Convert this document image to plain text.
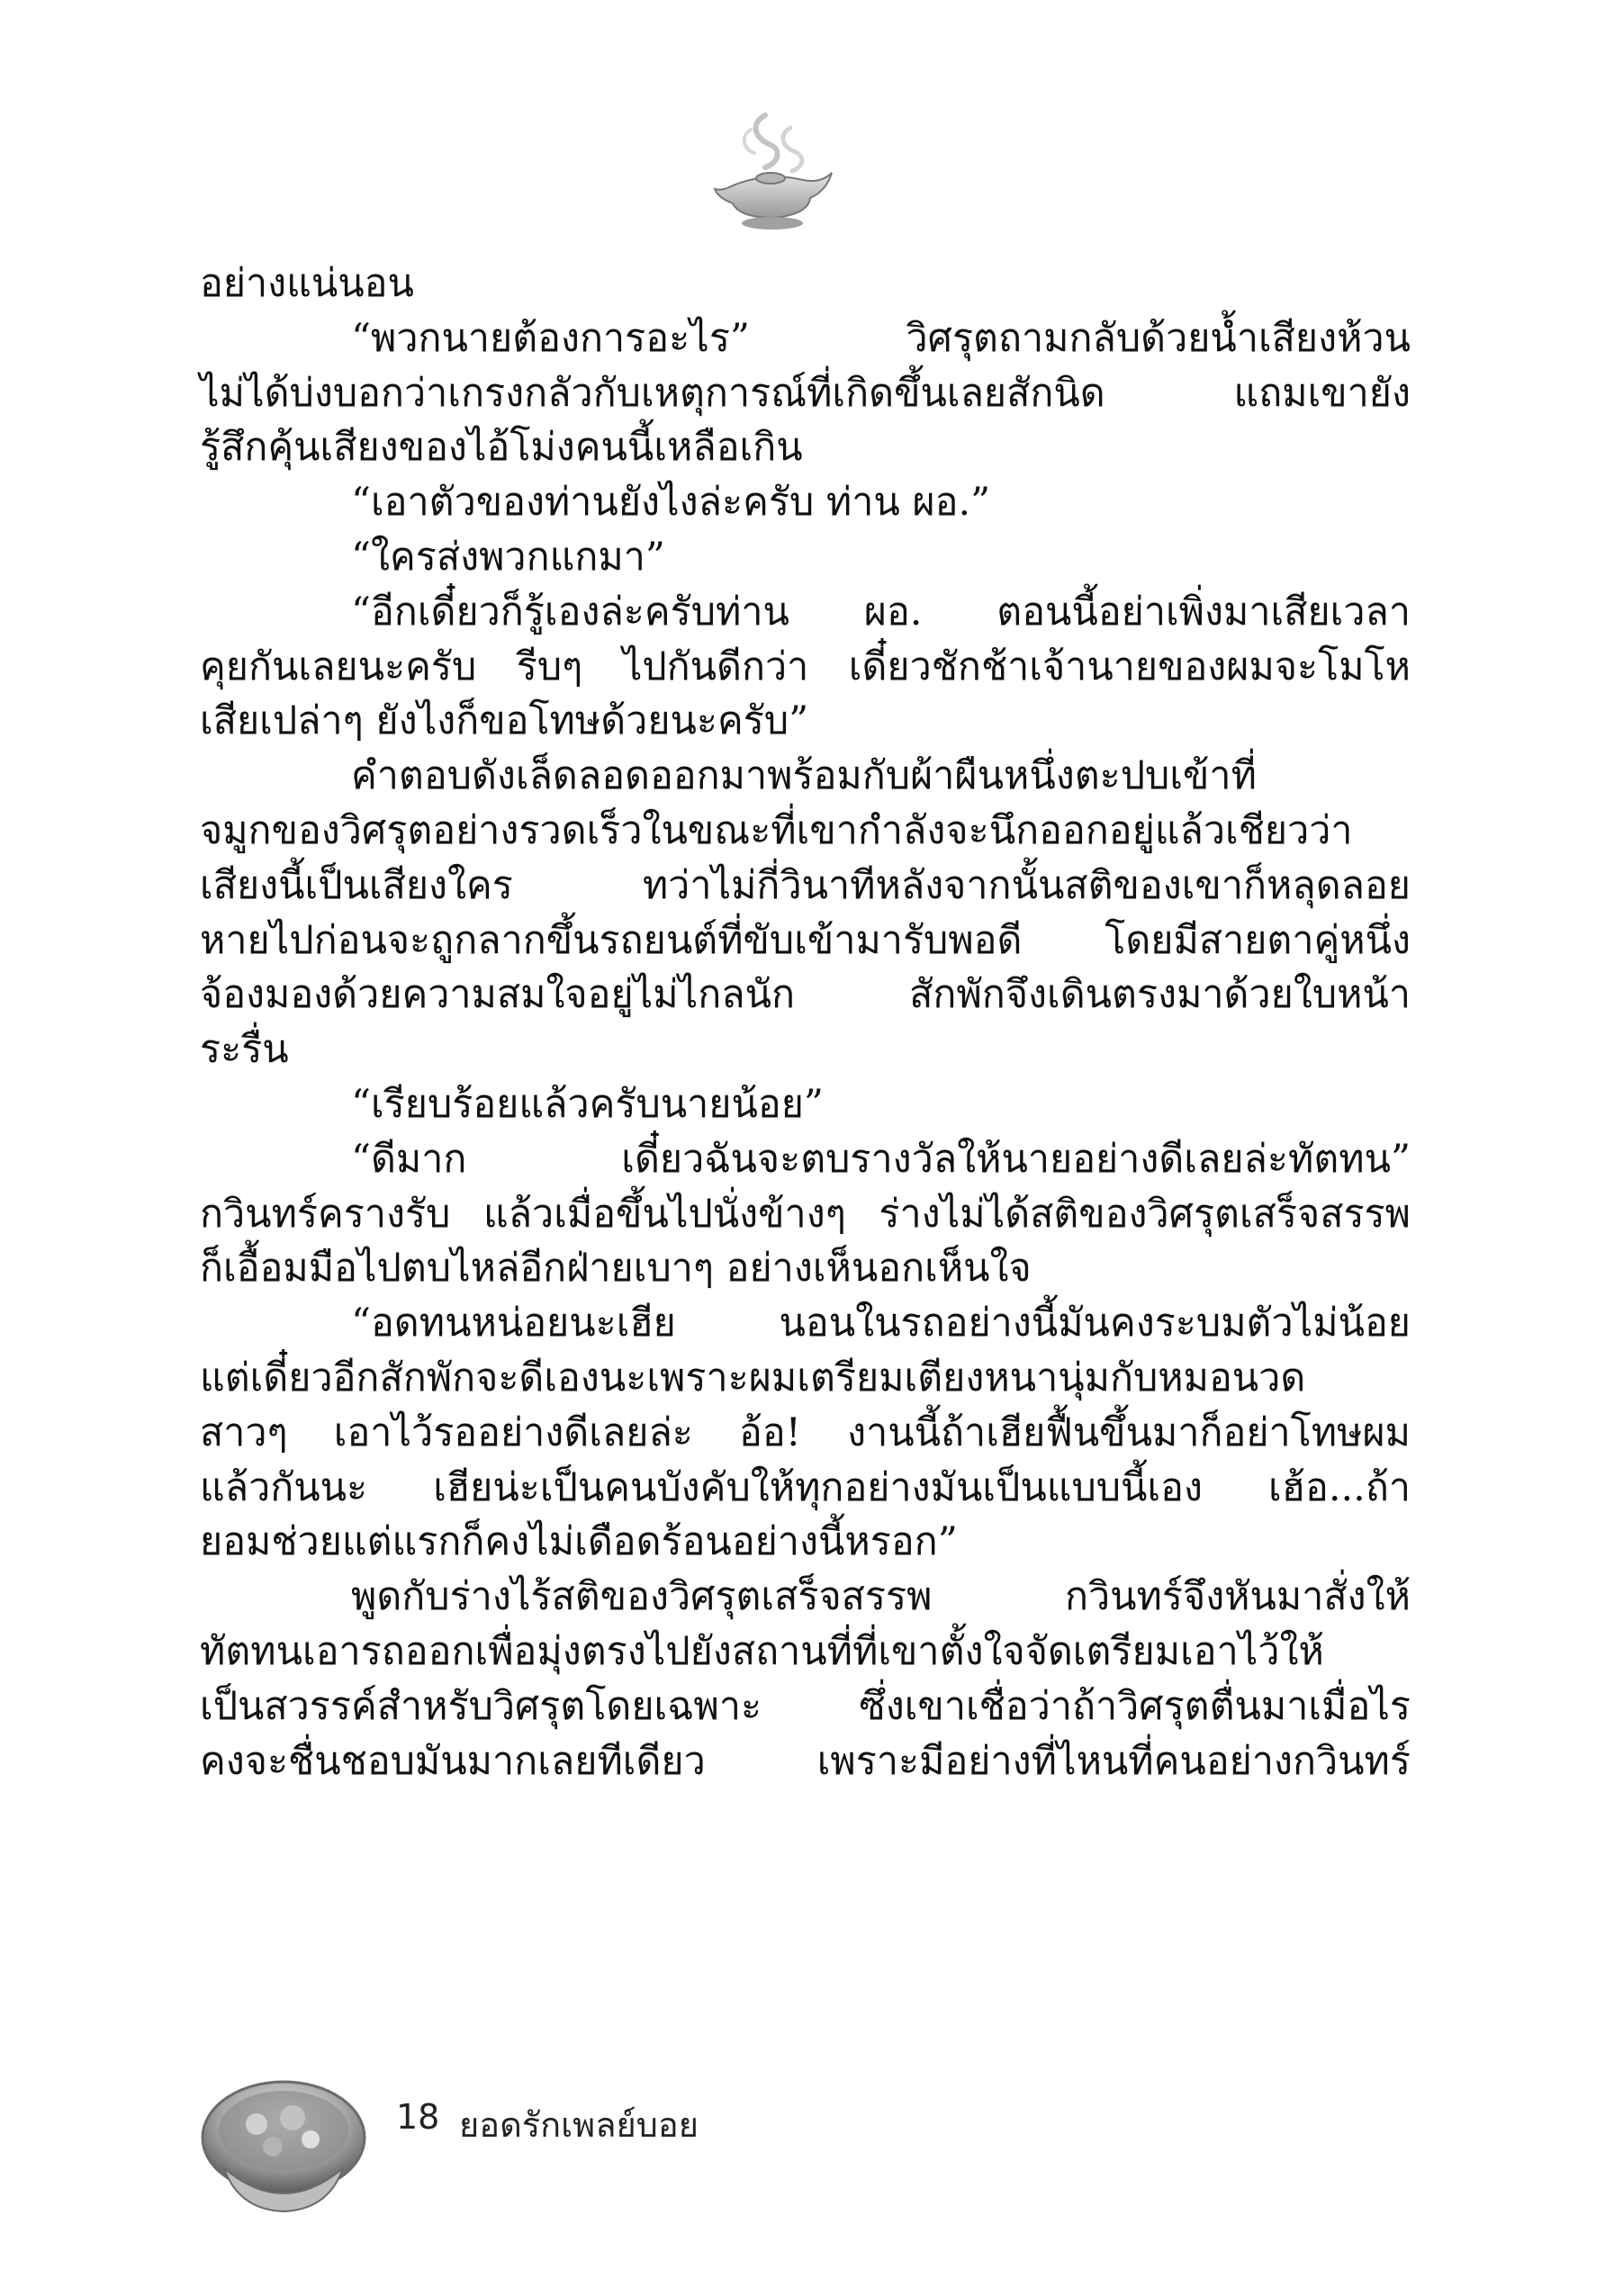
อย่างแน่นอน
“พวกนายต้องการอะไร” วิศรุตถามกลับด้วยน้ำเสียงห้วน
ไม่ได้บ่งบอกว่าเกรงกลัวกับเหตุการณ์ที่เกิดขึ้นเลยสักนิด แถมเขายัง
รู้สึกคุ้นเสียงของไอ้โม่งคนนี้เหลือเกิน
“เอาตัวของท่านยังไงล่ะครับ ท่าน ผอ.”
“ใครส่งพวกแกมา”
“อีกเดี๋ยวก็รู้เองล่ะครับท่าน ผอ. ตอนนี้อย่าเพิ่งมาเสียเวลา
คุยกันเลยนะครับ รีบๆ ไปกันดีกว่า เดี๋ยวชักช้าเจ้านายของผมจะโมโห
เสียเปล่าๆ ยังไงก็ขอโทษด้วยนะครับ”
คำตอบดังเล็ดลอดออกมาพร้อมกับผ้าผืนหนึ่งตะปบเข้าที่
จมูกของวิศรุตอย่างรวดเร็วในขณะที่เขากำลังจะนึกออกอยู่แล้วเชียวว่า
เสียงนี้เป็นเสียงใคร ทว่าไม่กี่วินาทีหลังจากนั้นสติของเขาก็หลุดลอย
หายไปก่อนจะถูกลากขึ้นรถยนต์ที่ขับเข้ามารับพอดี โดยมีสายตาคู่หนึ่ง
จ้องมองด้วยความสมใจอยู่ไม่ไกลนัก สักพักจึงเดินตรงมาด้วยใบหน้า
ระรื่น
“เรียบร้อยแล้วครับนายน้อย”
“ดีมาก เดี๋ยวฉันจะตบรางวัลให้นายอย่างดีเลยล่ะทัตทน”
กวินทร์ครางรับ แล้วเมื่อขึ้นไปนั่งข้างๆ ร่างไม่ได้สติของวิศรุตเสร็จสรรพ
ก็เอื้อมมือไปตบไหล่อีกฝ่ายเบาๆ อย่างเห็นอกเห็นใจ
“อดทนหน่อยนะเฮีย นอนในรถอย่างนี้มันคงระบมตัวไม่น้อย
แต่เดี๋ยวอีกสักพักจะดีเองนะเพราะผมเตรียมเตียงหนานุ่มกับหมอนวด
สาวๆ เอาไว้รออย่างดีเลยล่ะ อ้อ! งานนี้ถ้าเฮียฟื้นขึ้นมาก็อย่าโทษผม
แล้วกันนะ เฮียน่ะเป็นคนบังคับให้ทุกอย่างมันเป็นแบบนี้เอง เฮ้อ...ถ้า
ยอมช่วยแต่แรกก็คงไม่เดือดร้อนอย่างนี้หรอก”
พูดกับร่างไร้สติของวิศรุตเสร็จสรรพ กวินทร์จึงหันมาสั่งให้
ทัตทนเอารถออกเพื่อมุ่งตรงไปยังสถานที่ที่เขาตั้งใจจัดเตรียมเอาไว้ให้
เป็นสวรรค์สำหรับวิศรุตโดยเฉพาะ ซึ่งเขาเชื่อว่าถ้าวิศรุตตื่นมาเมื่อไร
คงจะชื่นชอบมันมากเลยทีเดียว เพราะมีอย่างที่ไหนที่คนอย่างกวินทร์
18 ยอดรักเพลย์บอย
